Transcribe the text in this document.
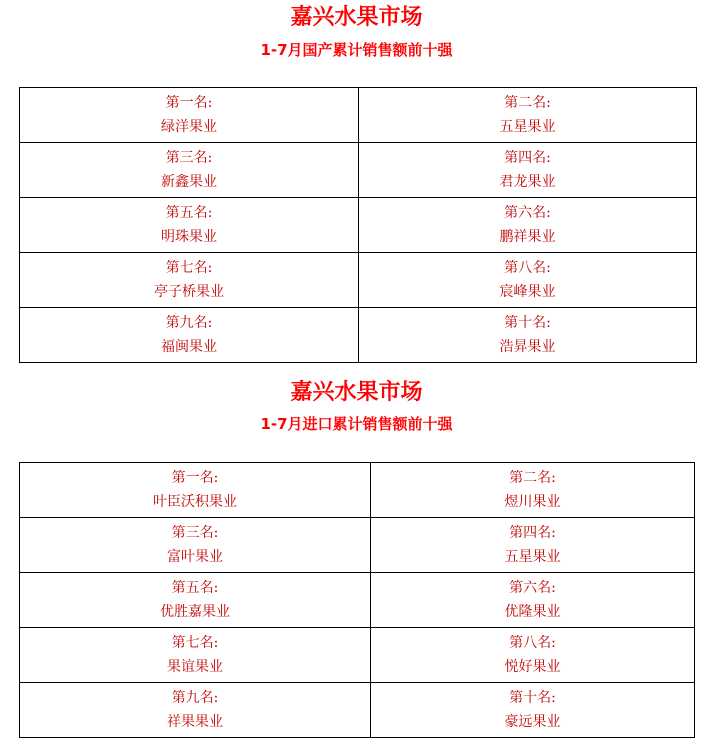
嘉兴水果市场
1-7月国产累计销售额前十强
第一名:
绿洋果业	第二名:
五星果业

第三名:
新鑫果业	第四名:
君龙果业

第五名:
明珠果业	第六名:
鹏祥果业

第七名:
亭子桥果业	第八名:
宸峰果业

第九名:
福闽果业	第十名:
浩昇果业
嘉兴水果市场
1-7月进口累计销售额前十强
第一名:
叶臣沃积果业	第二名:
煜川果业

第三名:
富叶果业	第四名:
五星果业

第五名:
优胜嘉果业	第六名:
优隆果业

第七名:
果谊果业	第八名:
悦好果业

第九名:
祥果果业	第十名:
豪远果业
